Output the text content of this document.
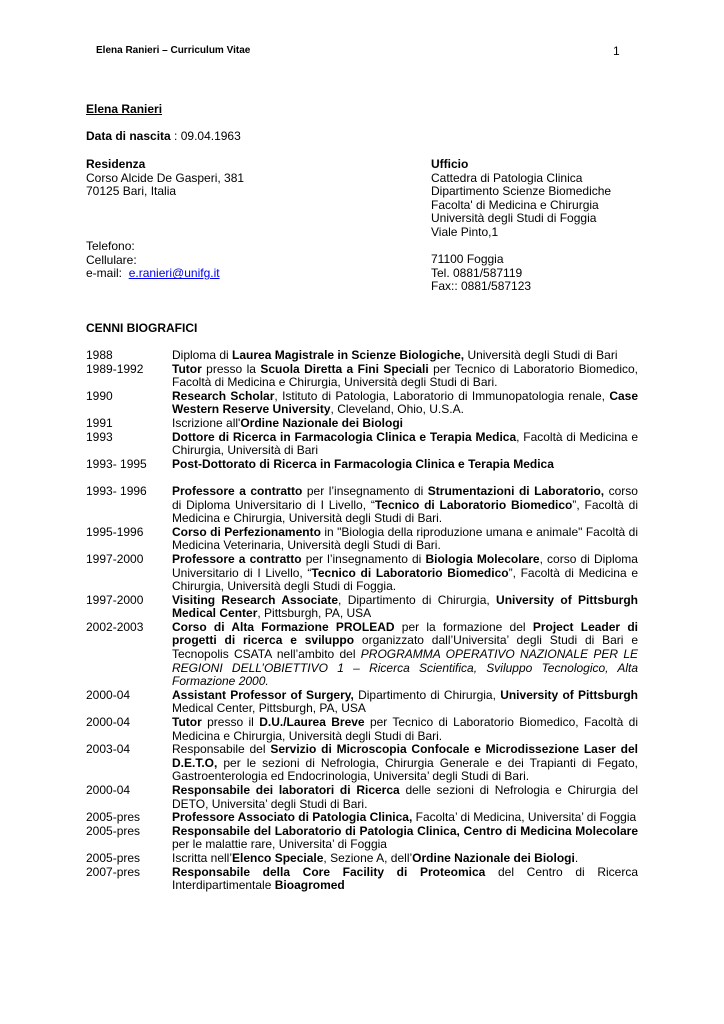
Elena Ranieri – Curriculum Vitae	1
Elena Ranieri
Data di nascita : 09.04.1963
Residenza
Corso Alcide De Gasperi, 381
70125 Bari, Italia
Ufficio
Cattedra di Patologia Clinica
Dipartimento Scienze Biomediche
Facolta' di Medicina e Chirurgia
Università degli Studi di Foggia
Viale Pinto,1
71100 Foggia
Tel. 0881/587119
Fax:: 0881/587123
Telefono:
Cellulare:
e-mail: e.ranieri@unifg.it
CENNI BIOGRAFICI
1988	Diploma di Laurea Magistrale in Scienze Biologiche, Università degli Studi di Bari
1989-1992	Tutor presso la Scuola Diretta a Fini Speciali per Tecnico di Laboratorio Biomedico, Facoltà di Medicina e Chirurgia, Università degli Studi di Bari.
1990	Research Scholar, Istituto di Patologia, Laboratorio di Immunopatologia renale, Case Western Reserve University, Cleveland, Ohio, U.S.A.
1991	Iscrizione all'Ordine Nazionale dei Biologi
1993	Dottore di Ricerca in Farmacologia Clinica e Terapia Medica, Facoltà di Medicina e Chirurgia, Università di Bari
1993- 1995	Post-Dottorato di Ricerca in Farmacologia Clinica e Terapia Medica
1993- 1996	Professore a contratto per l’insegnamento di Strumentazioni di Laboratorio, corso di Diploma Universitario di I Livello, “Tecnico di Laboratorio Biomedico”, Facoltà di Medicina e Chirurgia, Università degli Studi di Bari.
1995-1996	Corso di Perfezionamento in "Biologia della riproduzione umana e animale" Facoltà di Medicina Veterinaria, Università degli Studi di Bari.
1997-2000	Professore a contratto per l’insegnamento di Biologia Molecolare, corso di Diploma Universitario di I Livello, “Tecnico di Laboratorio Biomedico”, Facoltà di Medicina e Chirurgia, Università degli Studi di Foggia.
1997-2000	Visiting Research Associate, Dipartimento di Chirurgia, University of Pittsburgh Medical Center, Pittsburgh, PA, USA
2002-2003	Corso di Alta Formazione PROLEAD per la formazione del Project Leader di progetti di ricerca e sviluppo organizzato dall’Universita’ degli Studi di Bari e Tecnopolis CSATA nell’ambito del PROGRAMMA OPERATIVO NAZIONALE PER LE REGIONI DELL’OBIETTIVO 1 – Ricerca Scientifica, Sviluppo Tecnologico, Alta Formazione 2000.
2000-04	Assistant Professor of Surgery, Dipartimento di Chirurgia, University of Pittsburgh Medical Center, Pittsburgh, PA, USA
2000-04	Tutor presso il D.U./Laurea Breve per Tecnico di Laboratorio Biomedico, Facoltà di Medicina e Chirurgia, Università degli Studi di Bari.
2003-04	Responsabile del Servizio di Microscopia Confocale e Microdissezione Laser del D.E.T.O, per le sezioni di Nefrologia, Chirurgia Generale e dei Trapianti di Fegato, Gastroenterologia ed Endocrinologia, Universita’ degli Studi di Bari.
2000-04	Responsabile dei laboratori di Ricerca delle sezioni di Nefrologia e Chirurgia del DETO, Universita’ degli Studi di Bari.
2005-pres	Professore Associato di Patologia Clinica, Facolta’ di Medicina, Universita’ di Foggia
2005-pres	Responsabile del Laboratorio di Patologia Clinica, Centro di Medicina Molecolare per le malattie rare, Universita’ di Foggia
2005-pres	Iscritta nell’Elenco Speciale, Sezione A, dell’Ordine Nazionale dei Biologi.
2007-pres	Responsabile della Core Facility di Proteomica del Centro di Ricerca Interdipartimentale Bioagromed
